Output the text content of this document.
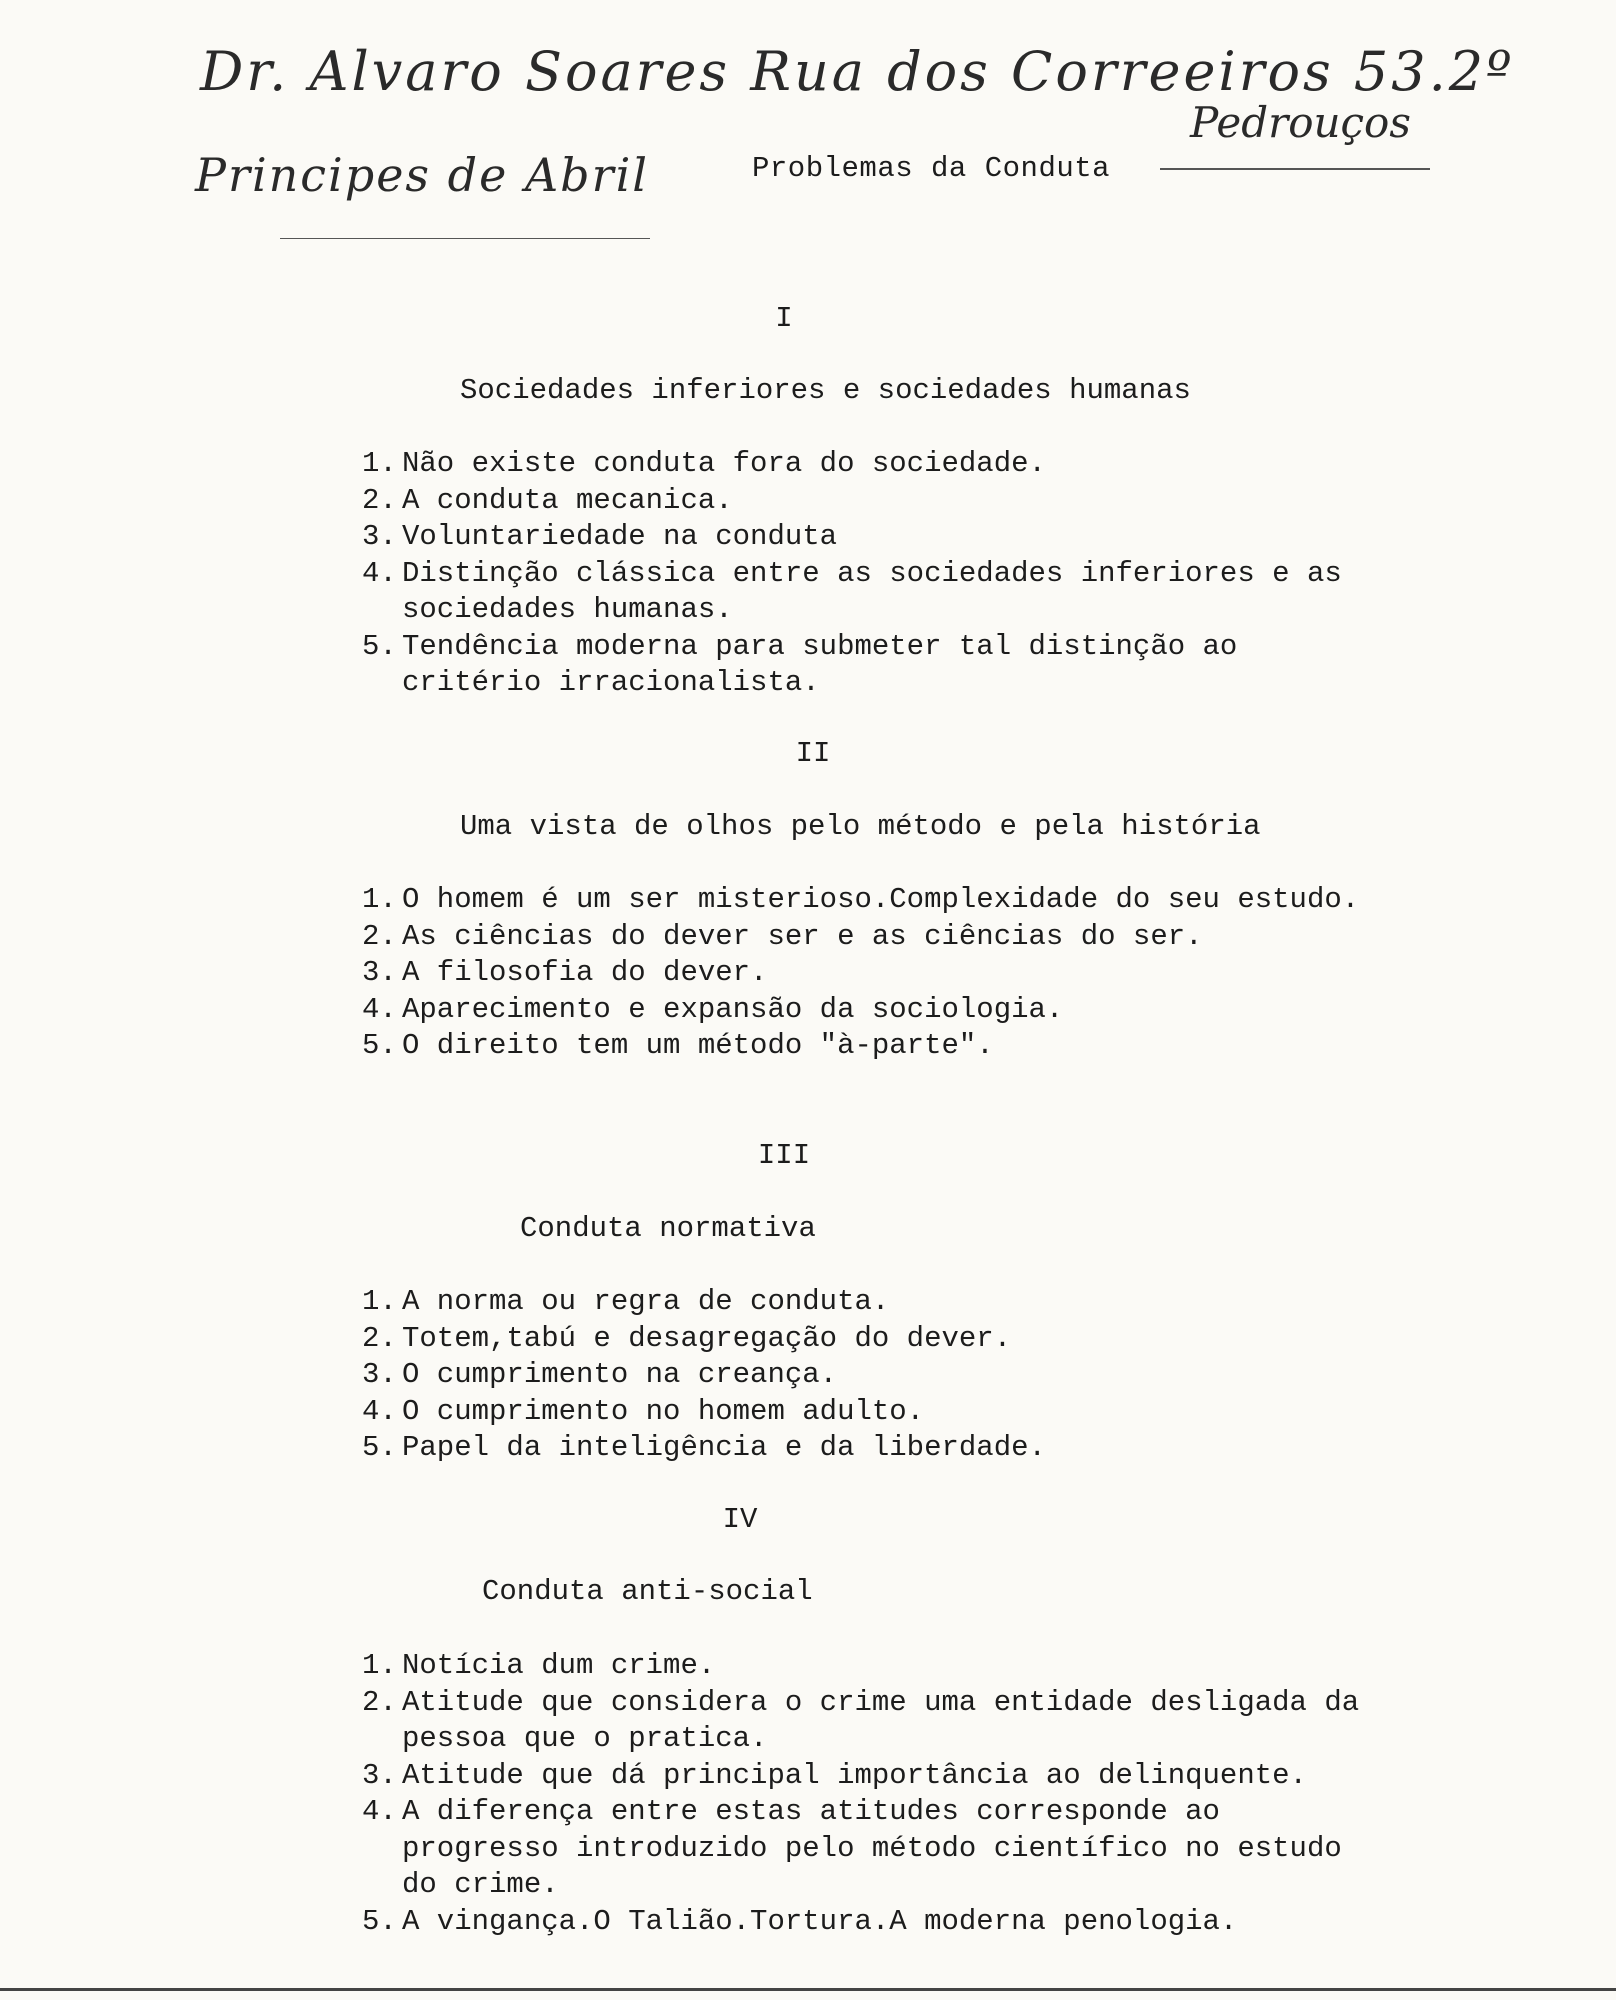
Dr. Alvaro Soares Rua dos Correeiros 53.2º
Pedrouços
Principes de Abril	Problemas da Conduta
I
Sociedades inferiores e sociedades humanas
1. Não existe conduta fora do sociedade.
2. A conduta mecanica.
3. Voluntariedade na conduta
4. Distinção clássica entre as sociedades inferiores e as sociedades humanas.
5. Tendência moderna para submeter tal distinção ao critério irracionalista.
II
Uma vista de olhos pelo método e pela história
1. O homem é um ser misterioso.Complexidade do seu estudo.
2. As ciências do dever ser e as ciências do ser.
3. A filosofia do dever.
4. Aparecimento e expansão da sociologia.
5. O direito tem um método "à-parte".
III
Conduta normativa
1. A norma ou regra de conduta.
2. Totem,tabú e desagregação do dever.
3. O cumprimento na creança.
4. O cumprimento no homem adulto.
5. Papel da inteligência e da liberdade.
IV
Conduta anti-social
1. Notícia dum crime.
2. Atitude que considera o crime uma entidade desligada da pessoa que o pratica.
3. Atitude que dá principal importância ao delinquente.
4. A diferença entre estas atitudes corresponde ao progresso introduzido pelo método científico no estudo do crime.
5. A vingança.O Talião.Tortura.A moderna penologia.
